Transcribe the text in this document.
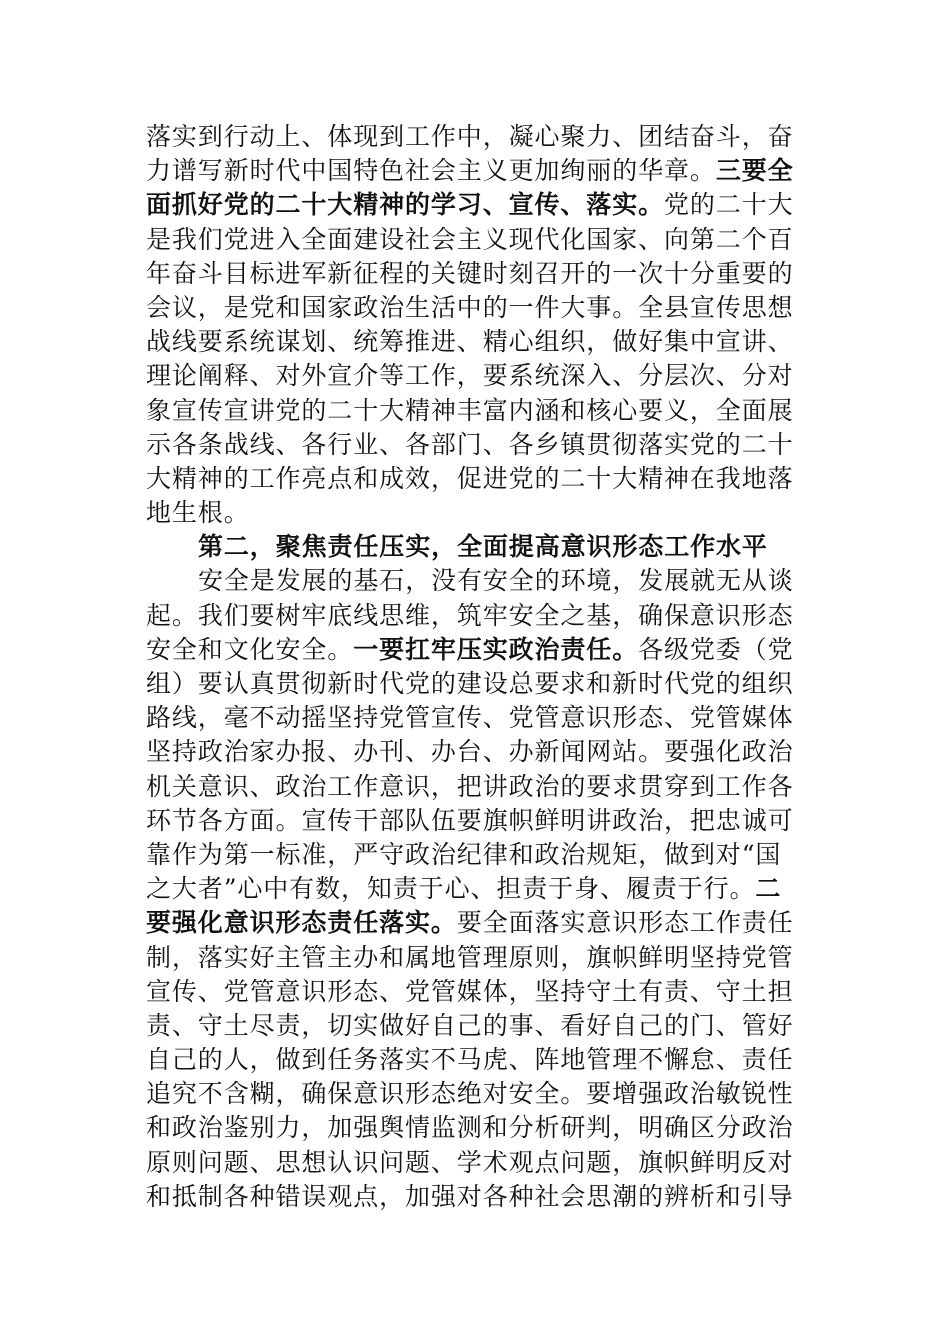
落实到行动上、体现到工作中，凝心聚力、团结奋斗，奋
力谱写新时代中国特色社会主义更加绚丽的华章。三要全
面抓好党的二十大精神的学习、宣传、落实。党的二十大
是我们党进入全面建设社会主义现代化国家、向第二个百
年奋斗目标进军新征程的关键时刻召开的一次十分重要的
会议，是党和国家政治生活中的一件大事。全县宣传思想
战线要系统谋划、统筹推进、精心组织，做好集中宣讲、
理论阐释、对外宣介等工作，要系统深入、分层次、分对
象宣传宣讲党的二十大精神丰富内涵和核心要义，全面展
示各条战线、各行业、各部门、各乡镇贯彻落实党的二十
大精神的工作亮点和成效，促进党的二十大精神在我地落
地生根。
第二，聚焦责任压实，全面提高意识形态工作水平
安全是发展的基石，没有安全的环境，发展就无从谈
起。我们要树牢底线思维，筑牢安全之基，确保意识形态
安全和文化安全。一要扛牢压实政治责任。各级党委（党
组）要认真贯彻新时代党的建设总要求和新时代党的组织
路线，毫不动摇坚持党管宣传、党管意识形态、党管媒体
坚持政治家办报、办刊、办台、办新闻网站。要强化政治
机关意识、政治工作意识，把讲政治的要求贯穿到工作各
环节各方面。宣传干部队伍要旗帜鲜明讲政治，把忠诚可
靠作为第一标准，严守政治纪律和政治规矩，做到对“国
之大者”心中有数，知责于心、担责于身、履责于行。二
要强化意识形态责任落实。要全面落实意识形态工作责任
制，落实好主管主办和属地管理原则，旗帜鲜明坚持党管
宣传、党管意识形态、党管媒体，坚持守土有责、守土担
责、守土尽责，切实做好自己的事、看好自己的门、管好
自己的人，做到任务落实不马虎、阵地管理不懈怠、责任
追究不含糊，确保意识形态绝对安全。要增强政治敏锐性
和政治鉴别力，加强舆情监测和分析研判，明确区分政治
原则问题、思想认识问题、学术观点问题，旗帜鲜明反对
和抵制各种错误观点，加强对各种社会思潮的辨析和引导
